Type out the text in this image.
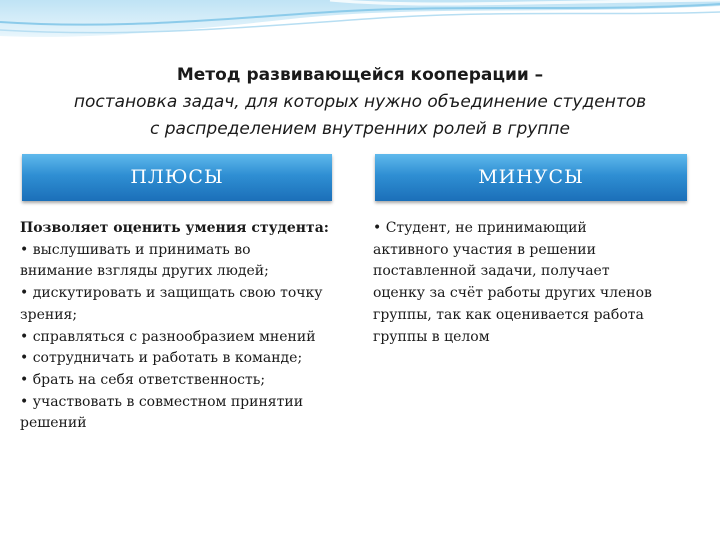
Метод развивающейся кооперации –
постановка задач, для которых нужно объединение студентов
с распределением внутренних ролей в группе
ПЛЮСЫ	МИНУСЫ
Позволяет оценить умения студента:
• выслушивать и принимать во
внимание взгляды других людей;
• дискутировать и защищать свою точку
зрения;
• справляться с разнообразием мнений
• сотрудничать и работать в команде;
• брать на себя ответственность;
• участвовать в совместном принятии
решений
• Студент, не принимающий
активного участия в решении
поставленной задачи, получает
оценку за счёт работы других членов
группы, так как оценивается работа
группы в целом
